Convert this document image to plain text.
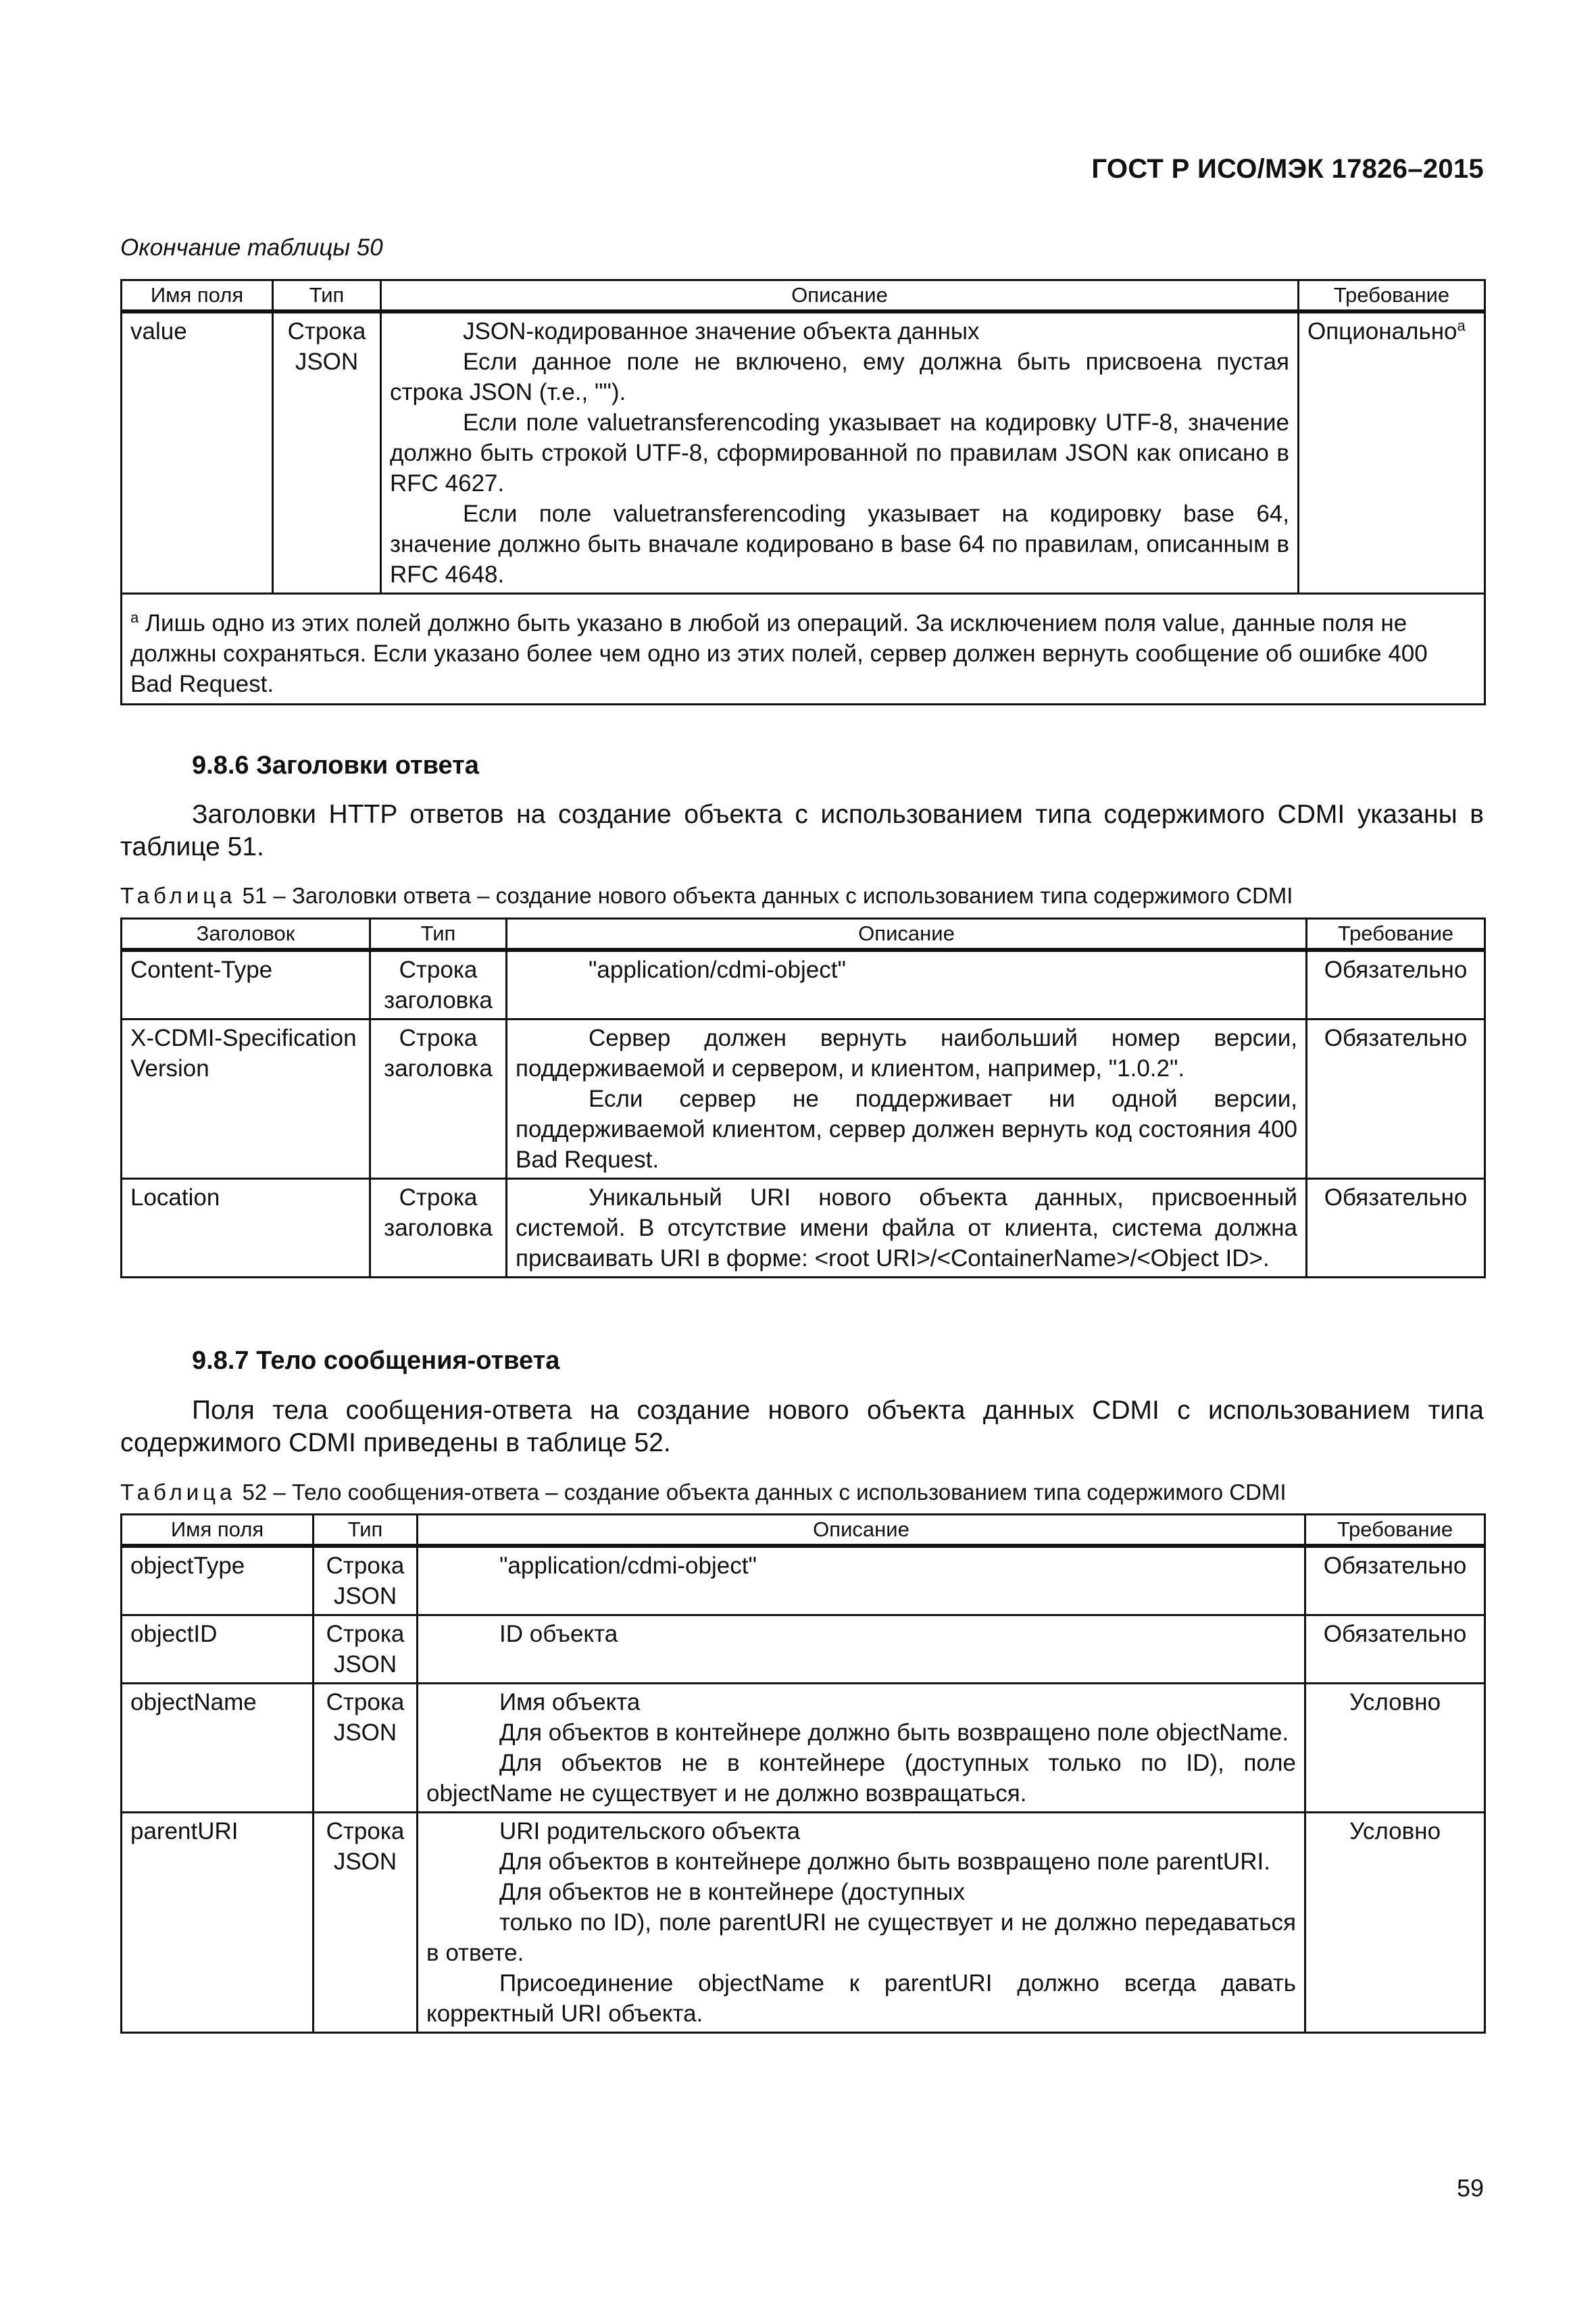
ГОСТ Р ИСО/МЭК 17826–2015
Окончание таблицы 50
Имя поля	Тип	Описание	Требование
value	Строка JSON	JSON-кодированное значение объекта данных

Если данное поле не включено, ему должна быть присвоена пустая строка JSON (т.е., "").

Если поле valuetransferencoding указывает на кодировку UTF-8, значение должно быть строкой UTF-8, сформированной по правилам JSON как описано в RFC 4627.

Если поле valuetransferencoding указывает на кодировку base 64, значение должно быть вначале кодировано в base 64 по правилам, описанным в RFC 4648.	Опционально$^a$
$^a$ Лишь одно из этих полей должно быть указано в любой из операций. За исключением поля value, данные поля не должны сохраняться. Если указано более чем одно из этих полей, сервер должен вернуть сообщение об ошибке 400 Bad Request.			
9.8.6 Заголовки ответа

Заголовки HTTP ответов на создание объекта с использованием типа содержимого CDMI указаны в таблице 51.

Таблица 51 – Заголовки ответа – создание нового объекта данных с использованием типа содержимого CDMI
Заголовок	Тип	Описание	Требование
Content-Type	Строка заголовка	"application/cdmi-object"	Обязательно
X-CDMI-SpecificationVersion	Строка заголовка	Сервер должен вернуть наибольший номер версии, поддерживаемой и сервером, и клиентом, например, "1.0.2".

Если сервер не поддерживает ни одной версии, поддерживаемой клиентом, сервер должен вернуть код состояния 400 Bad Request.	Обязательно
Location	Строка заголовка	Уникальный URI нового объекта данных, присвоенный системой. В отсутствие имени файла от клиента, система должна присваивать URI в форме: <root URI>/<ContainerName>/<Object ID>.	Обязательно
9.8.7 Тело сообщения-ответа

Поля тела сообщения-ответа на создание нового объекта данных CDMI с использованием типа содержимого CDMI приведены в таблице 52.

Таблица 52 – Тело сообщения-ответа – создание объекта данных с использованием типа содержимого CDMI
Имя поля	Тип	Описание	Требование
objectType	Строка JSON	"application/cdmi-object"	Обязательно
objectID	Строка JSON	ID объекта	Обязательно
objectName	Строка JSON	Имя объекта

Для объектов в контейнере должно быть возвращено поле objectName.

Для объектов не в контейнере (доступных только по ID), поле objectName не существует и не должно возвращаться.	Условно
parentURI	Строка JSON	URI родительского объекта

Для объектов в контейнере должно быть возвращено поле parentURI.

Для объектов не в контейнере (доступных

только по ID), поле parentURI не существует и не должно передаваться в ответе.

Присоединение objectName к parentURI должно всегда давать корректный URI объекта.	Условно
59
